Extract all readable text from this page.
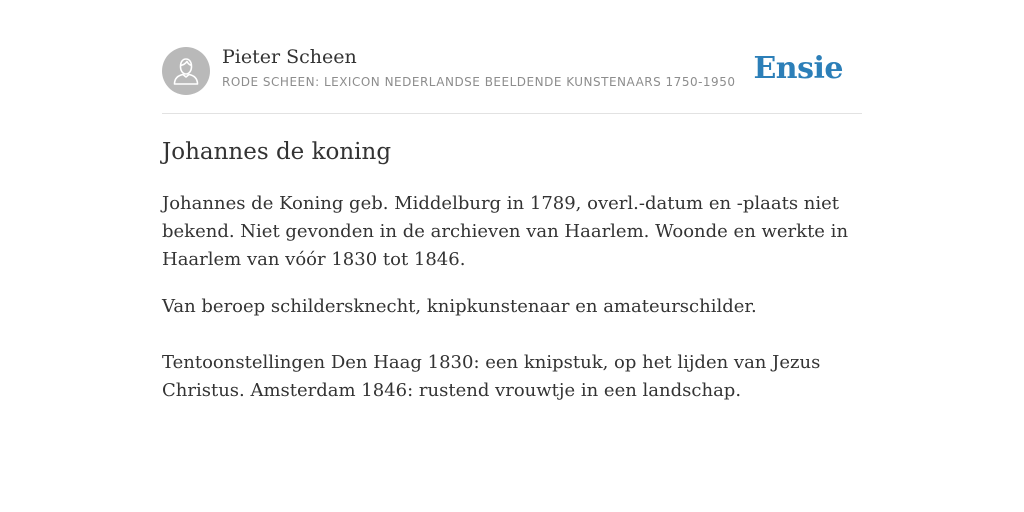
Pieter Scheen
RODE SCHEEN: LEXICON NEDERLANDSE BEELDENDE KUNSTENAARS 1750-1950 Ensie
Johannes de koning

Johannes de Koning geb. Middelburg in 1789, overl.-datum en -plaats niet bekend. Niet gevonden in de archieven van Haarlem. Woonde en werkte in Haarlem van vóór 1830 tot 1846.

Van beroep schildersknecht, knipkunstenaar en amateurschilder.

Tentoonstellingen Den Haag 1830: een knipstuk, op het lijden van Jezus Christus. Amsterdam 1846: rustend vrouwtje in een landschap.
